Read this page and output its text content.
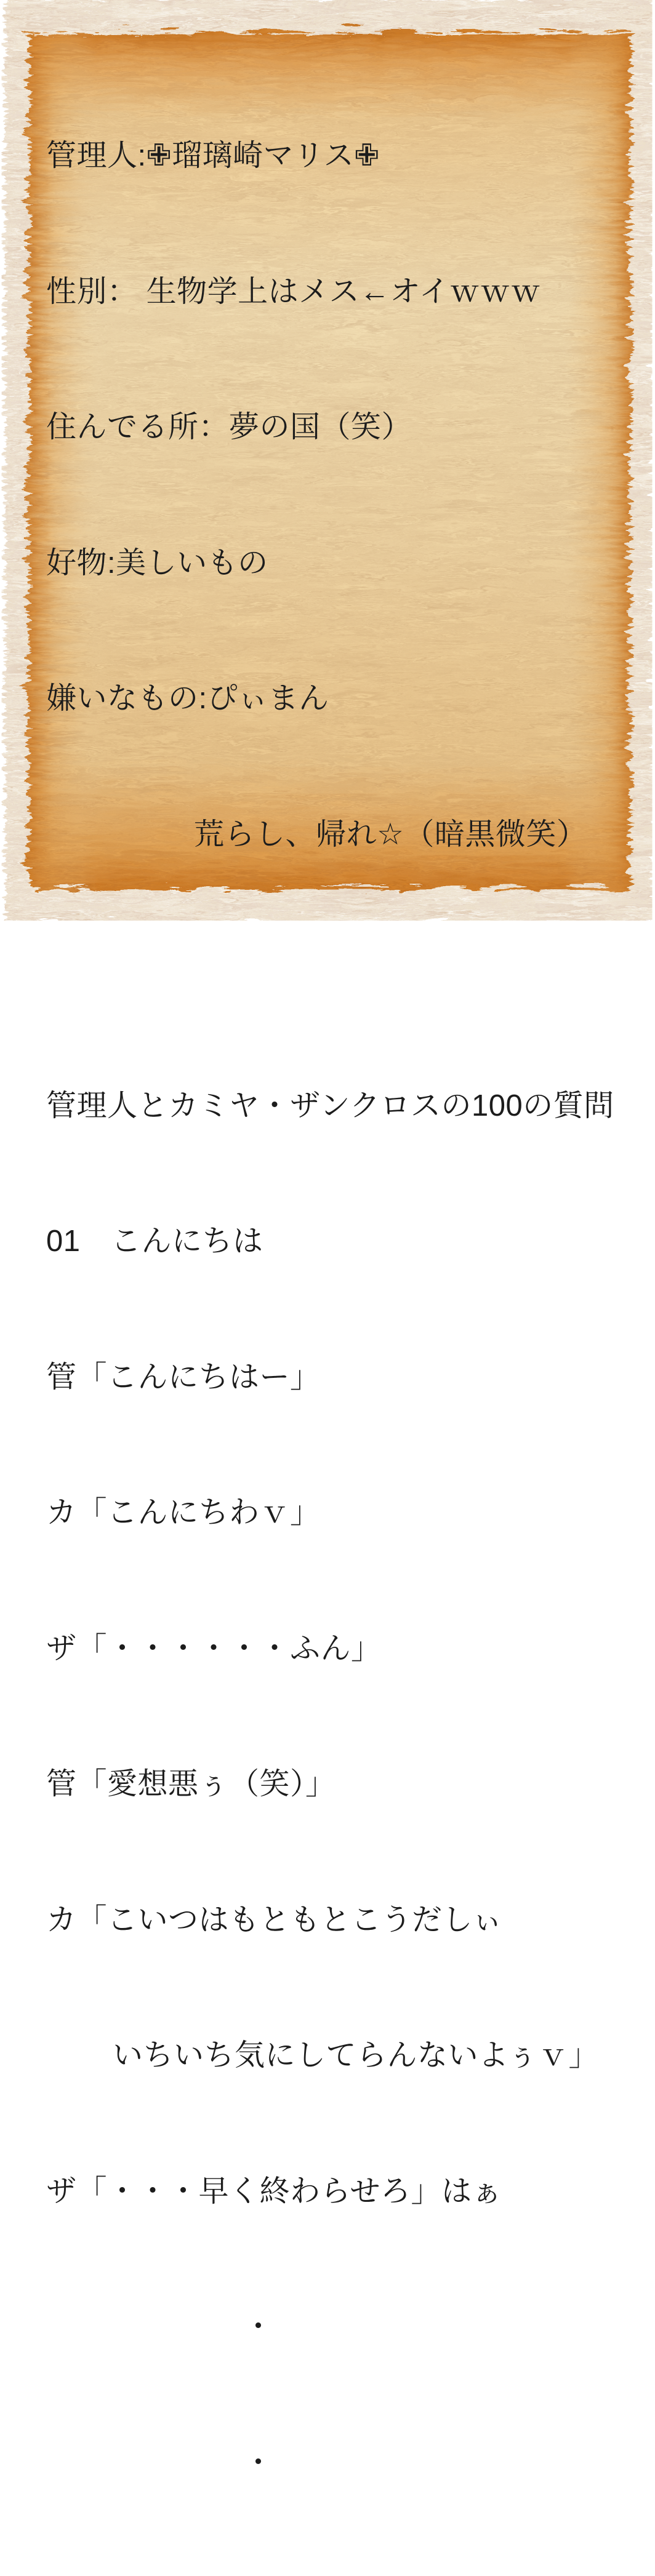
管理人:✙瑠璃崎マリス✙

性別： 生物学上はメス←オイｗｗｗ

住んでる所：夢の国（笑）

好物:美しいもの

嫌いなもの:ぴぃまん

荒らし、帰れ☆（暗黒微笑）

管理人とカミヤ・ザンクロスの100の質問

01　こんにちは

管「こんにちはー」

カ「こんにちわｖ」

ザ「・・・・・・ふん」

管「愛想悪ぅ（笑）」

カ「こいつはもともとこうだしぃ

いちいち気にしてらんないよぅｖ」

ザ「・・・早く終わらせろ」はぁ

・

・
